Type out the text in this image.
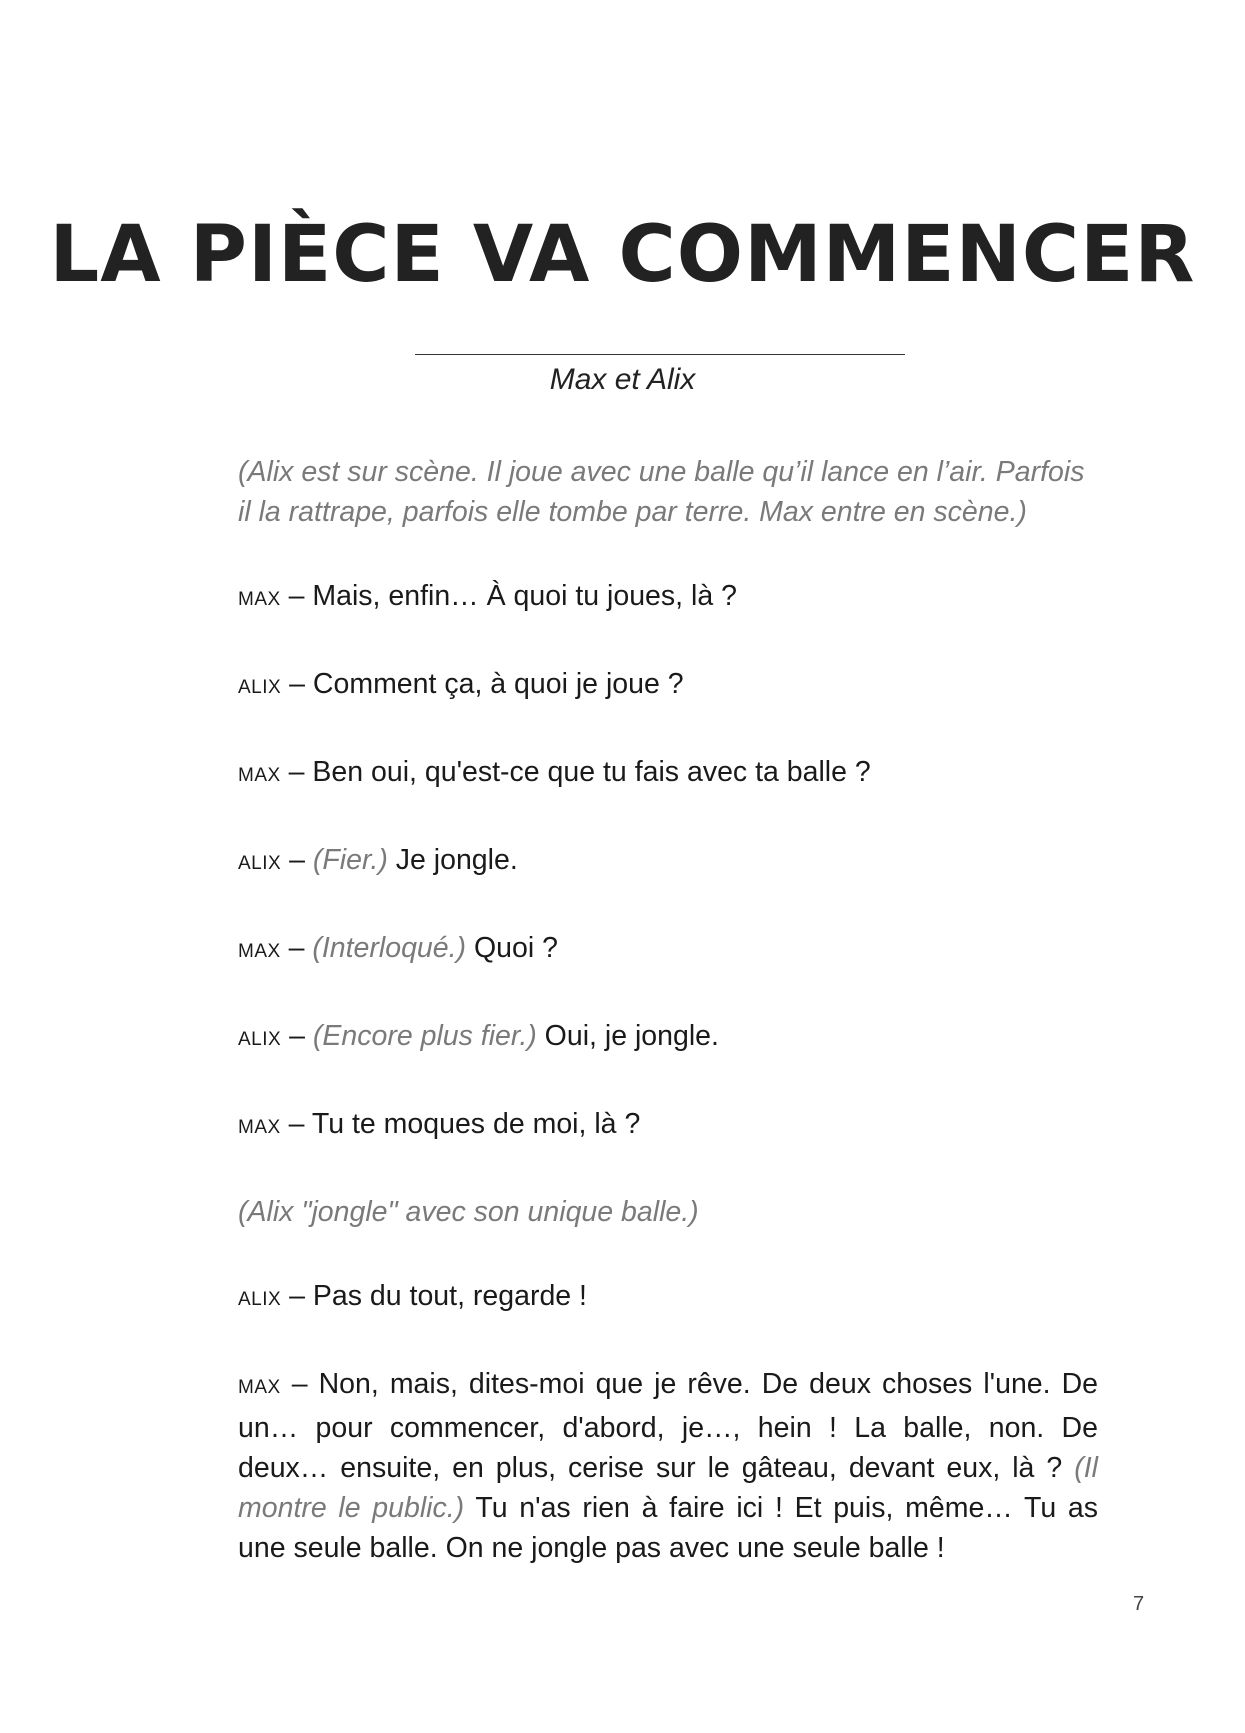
LA PIÈCE VA COMMENCER
Max et Alix

(Alix est sur scène. Il joue avec une balle qu’il lance en l’air. Parfois il la rattrape, parfois elle tombe par terre. Max entre en scène.)

MAX – Mais, enfin… À quoi tu joues, là ?

ALIX – Comment ça, à quoi je joue ?

MAX – Ben oui, qu'est-ce que tu fais avec ta balle ?

ALIX – (Fier.) Je jongle.

MAX – (Interloqué.) Quoi ?

ALIX – (Encore plus fier.) Oui, je jongle.

MAX – Tu te moques de moi, là ?

(Alix "jongle" avec son unique balle.)

ALIX – Pas du tout, regarde !

MAX – Non, mais, dites-moi que je rêve. De deux choses l'une. De un… pour commencer, d'abord, je…, hein ! La balle, non. De deux… ensuite, en plus, cerise sur le gâteau, devant eux, là ? (Il montre le public.) Tu n'as rien à faire ici ! Et puis, même… Tu as une seule balle. On ne jongle pas avec une seule balle !

7
